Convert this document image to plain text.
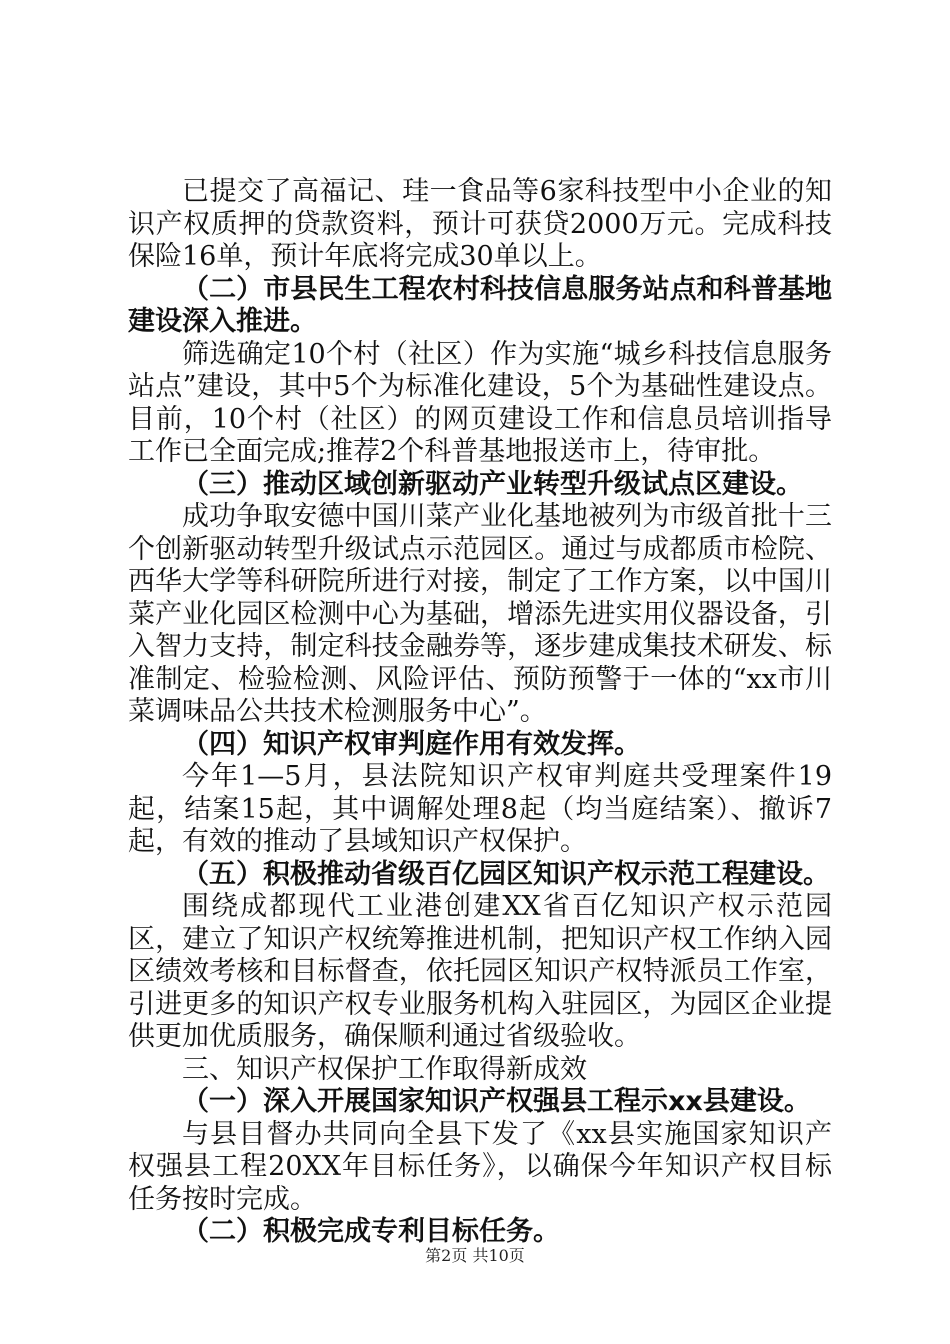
已提交了高福记、珪一食品等6家科技型中小企业的知识产权质押的贷款资料，预计可获贷2000万元。完成科技保险16单，预计年底将完成30单以上。

（二）市县民生工程农村科技信息服务站点和科普基地建设深入推进。

筛选确定10个村（社区）作为实施“城乡科技信息服务站点”建设，其中5个为标准化建设，5个为基础性建设点。目前，10个村（社区）的网页建设工作和信息员培训指导工作已全面完成;推荐2个科普基地报送市上，待审批。

（三）推动区域创新驱动产业转型升级试点区建设。

成功争取安德中国川菜产业化基地被列为市级首批十三个创新驱动转型升级试点示范园区。通过与成都质市检院、西华大学等科研院所进行对接，制定了工作方案，以中国川菜产业化园区检测中心为基础，增添先进实用仪器设备，引入智力支持，制定科技金融券等，逐步建成集技术研发、标准制定、检验检测、风险评估、预防预警于一体的“xx市川菜调味品公共技术检测服务中心”。

（四）知识产权审判庭作用有效发挥。

今年1—5月，县法院知识产权审判庭共受理案件19起，结案15起，其中调解处理8起（均当庭结案）、撤诉7起，有效的推动了县域知识产权保护。

（五）积极推动省级百亿园区知识产权示范工程建设。

围绕成都现代工业港创建XX省百亿知识产权示范园区，建立了知识产权统筹推进机制，把知识产权工作纳入园区绩效考核和目标督查，依托园区知识产权特派员工作室，引进更多的知识产权专业服务机构入驻园区，为园区企业提供更加优质服务，确保顺利通过省级验收。

三、知识产权保护工作取得新成效

（一）深入开展国家知识产权强县工程示xx县建设。

与县目督办共同向全县下发了《xx县实施国家知识产权强县工程20XX年目标任务》，以确保今年知识产权目标任务按时完成。

（二）积极完成专利目标任务。

第2页 共10页
